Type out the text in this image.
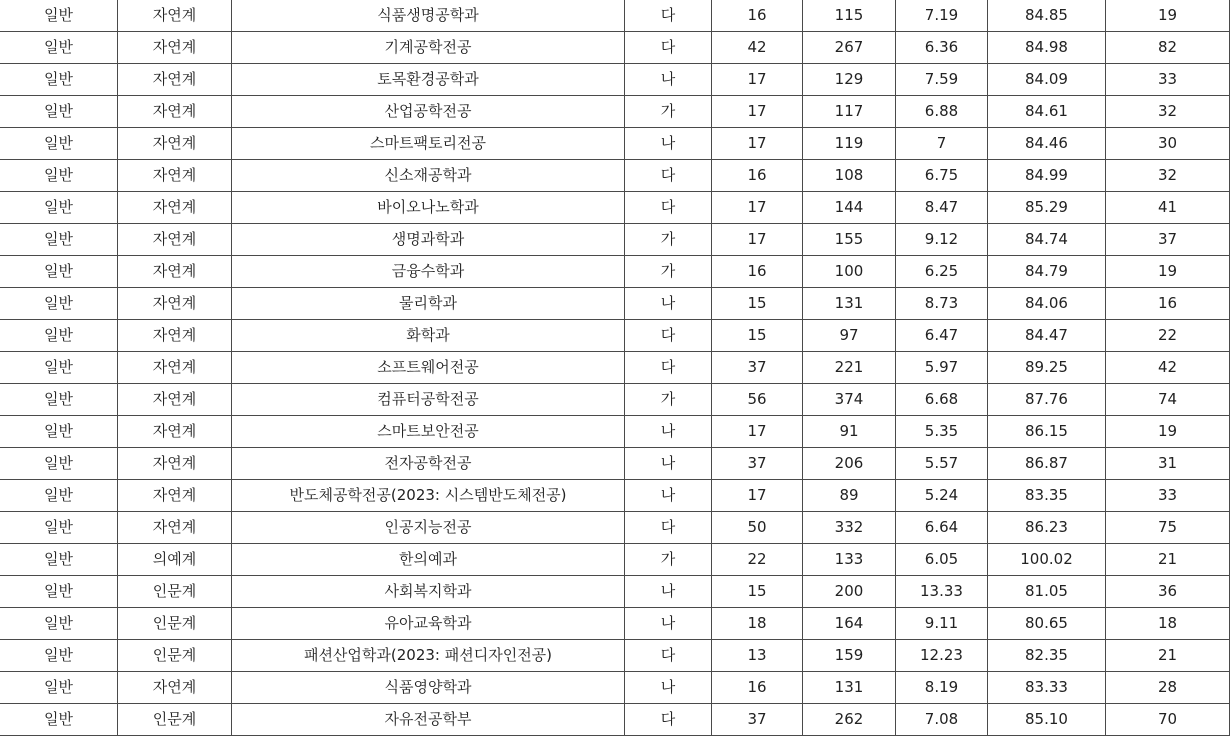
일반	자연계	식품생명공학과	다	16	115	7.19	84.85	19
일반	자연계	기계공학전공	다	42	267	6.36	84.98	82
일반	자연계	토목환경공학과	나	17	129	7.59	84.09	33
일반	자연계	산업공학전공	가	17	117	6.88	84.61	32
일반	자연계	스마트팩토리전공	나	17	119	7	84.46	30
일반	자연계	신소재공학과	다	16	108	6.75	84.99	32
일반	자연계	바이오나노학과	다	17	144	8.47	85.29	41
일반	자연계	생명과학과	가	17	155	9.12	84.74	37
일반	자연계	금융수학과	가	16	100	6.25	84.79	19
일반	자연계	물리학과	나	15	131	8.73	84.06	16
일반	자연계	화학과	다	15	97	6.47	84.47	22
일반	자연계	소프트웨어전공	다	37	221	5.97	89.25	42
일반	자연계	컴퓨터공학전공	가	56	374	6.68	87.76	74
일반	자연계	스마트보안전공	나	17	91	5.35	86.15	19
일반	자연계	전자공학전공	나	37	206	5.57	86.87	31
일반	자연계	반도체공학전공(2023: 시스템반도체전공)	나	17	89	5.24	83.35	33
일반	자연계	인공지능전공	다	50	332	6.64	86.23	75
일반	의예계	한의예과	가	22	133	6.05	100.02	21
일반	인문계	사회복지학과	나	15	200	13.33	81.05	36
일반	인문계	유아교육학과	나	18	164	9.11	80.65	18
일반	인문계	패션산업학과(2023: 패션디자인전공)	다	13	159	12.23	82.35	21
일반	자연계	식품영양학과	나	16	131	8.19	83.33	28
일반	인문계	자유전공학부	다	37	262	7.08	85.10	70
